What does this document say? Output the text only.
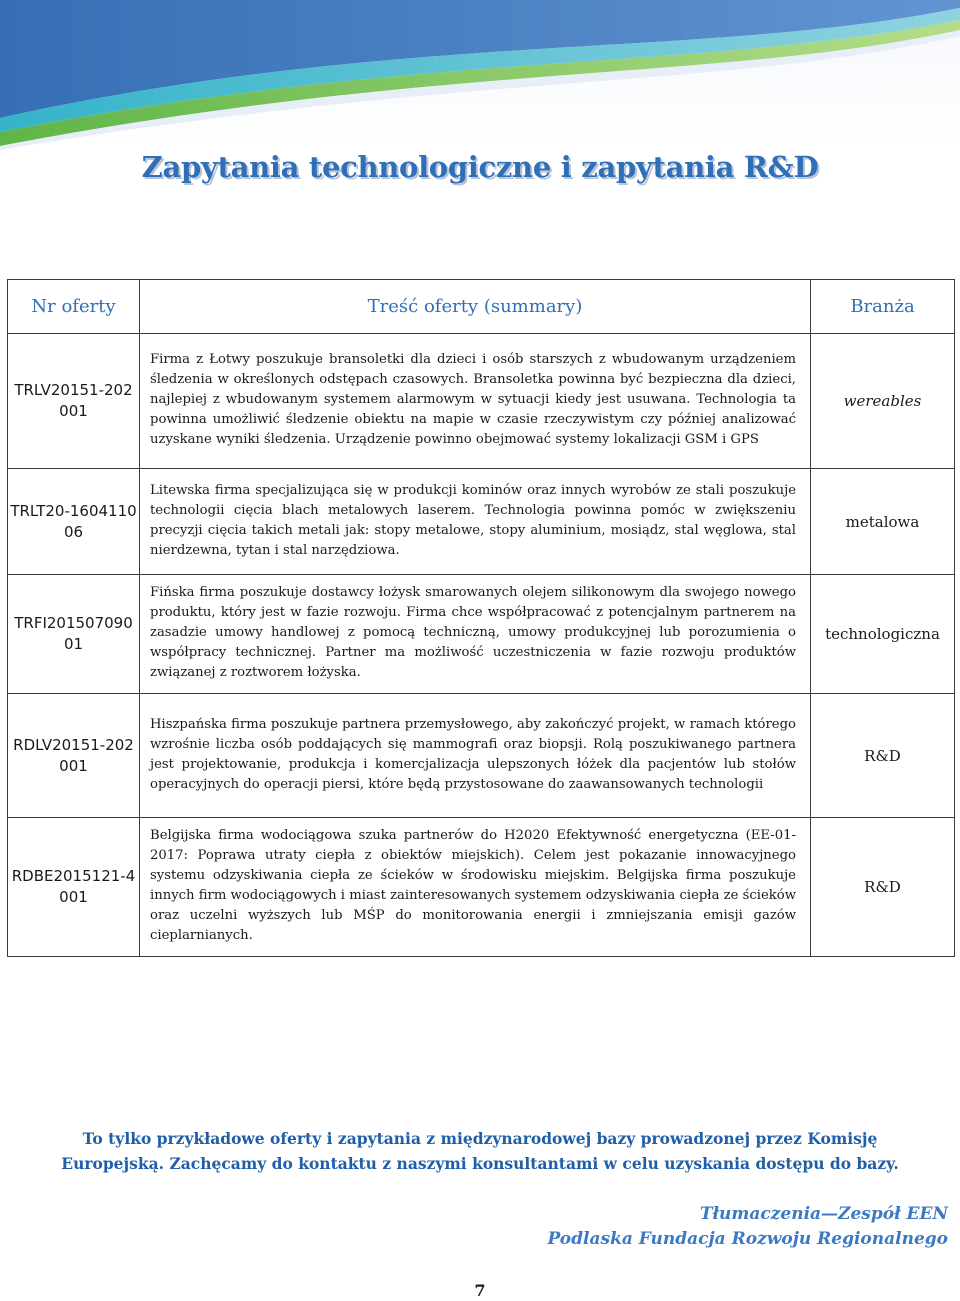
Zapytania technologiczne i zapytania R&D
Nr oferty	Treść oferty (summary)	Branża
TRLV20151-202001	Firma z Łotwy poszukuje bransoletki dla dzieci i osób starszych z wbudowanym urządzeniem śledzenia w określonych odstępach czasowych. Bransoletka powinna być bezpieczna dla dzieci, najlepiej z wbudowanym systemem alarmowym w sytuacji kiedy jest usuwana. Technologia ta powinna umożliwić śledzenie obiektu na mapie w czasie rzeczywistym czy później analizować uzyskane wyniki śledzenia. Urządzenie powinno obejmować systemy lokalizacji GSM i GPS	wereables
TRLT20-160411006	Litewska firma specjalizująca się w produkcji kominów oraz innych wyrobów ze stali poszukuje technologii cięcia blach metalowych laserem. Technologia powinna pomóc w zwiększeniu precyzji cięcia takich metali jak: stopy metalowe, stopy aluminium, mosiądz, stal węglowa, stal nierdzewna, tytan i stal narzędziowa.	metalowa
TRFI20150709001	Fińska firma poszukuje dostawcy łożysk smarowanych olejem silikonowym dla swojego nowego produktu, który jest w fazie rozwoju. Firma chce współpracować z potencjalnym partnerem na zasadzie umowy handlowej z pomocą techniczną, umowy produkcyjnej lub porozumienia o współpracy technicznej. Partner ma możliwość uczestniczenia w fazie rozwoju produktów związanej z roztworem łożyska.	technologiczna
RDLV20151-202001	Hiszpańska firma poszukuje partnera przemysłowego, aby zakończyć projekt, w ramach którego wzrośnie liczba osób poddających się mammografi oraz biopsji. Rolą poszukiwanego partnera jest projektowanie, produkcja i komercjalizacja ulepszonych łóżek dla pacjentów lub stołów operacyjnych do operacji piersi, które będą przystosowane do zaawansowanych technologii	R&D
RDBE2015121-4001	Belgijska firma wodociągowa szuka partnerów do H2020 Efektywność energetyczna (EE-01-2017: Poprawa utraty ciepła z obiektów miejskich). Celem jest pokazanie innowacyjnego systemu odzyskiwania ciepła ze ścieków w środowisku miejskim. Belgijska firma poszukuje innych firm wodociągowych i miast zainteresowanych systemem odzyskiwania ciepła ze ścieków oraz uczelni wyższych lub MŚP do monitorowania energii i zmniejszania emisji gazów cieplarnianych.	R&D
To tylko przykładowe oferty i zapytania z międzynarodowej bazy prowadzonej przez Komisję Europejską. Zachęcamy do kontaktu z naszymi konsultantami w celu uzyskania dostępu do bazy.
Tłumaczenia—Zespół EEN
Podlaska Fundacja Rozwoju Regionalnego
7
